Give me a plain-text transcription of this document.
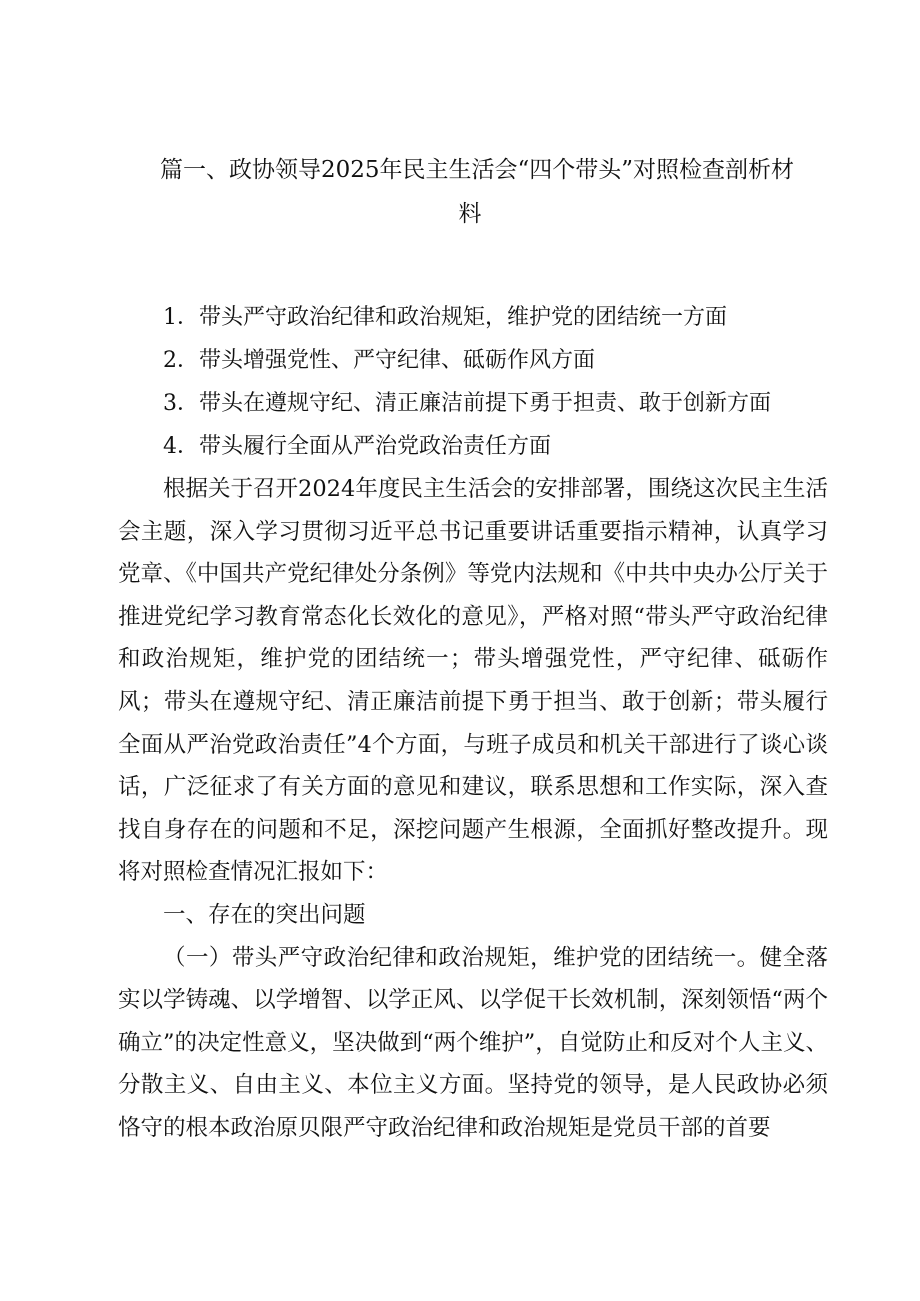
篇一、政协领导2025年民主生活会“四个带头”对照检查剖析材
料
1．带头严守政治纪律和政治规矩，维护党的团结统一方面
2．带头增强党性、严守纪律、砥砺作风方面
3．带头在遵规守纪、清正廉洁前提下勇于担责、敢于创新方面
4．带头履行全面从严治党政治责任方面

根据关于召开2024年度民主生活会的安排部署，围绕这次民主生活会主题，深入学习贯彻习近平总书记重要讲话重要指示精神，认真学习党章、《中国共产党纪律处分条例》等党内法规和《中共中央办公厅关于推进党纪学习教育常态化长效化的意见》，严格对照“带头严守政治纪律和政治规矩，维护党的团结统一；带头增强党性，严守纪律、砥砺作风；带头在遵规守纪、清正廉洁前提下勇于担当、敢于创新；带头履行全面从严治党政治责任”4个方面，与班子成员和机关干部进行了谈心谈话，广泛征求了有关方面的意见和建议，联系思想和工作实际，深入查找自身存在的问题和不足，深挖问题产生根源，全面抓好整改提升。现将对照检查情况汇报如下：

一、存在的突出问题

（一）带头严守政治纪律和政治规矩，维护党的团结统一。健全落实以学铸魂、以学增智、以学正风、以学促干长效机制，深刻领悟“两个确立”的决定性意义，坚决做到“两个维护”，自觉防止和反对个人主义、分散主义、自由主义、本位主义方面。坚持党的领导，是人民政协必须恪守的根本政治原贝限严守政治纪律和政治规矩是党员干部的首要
